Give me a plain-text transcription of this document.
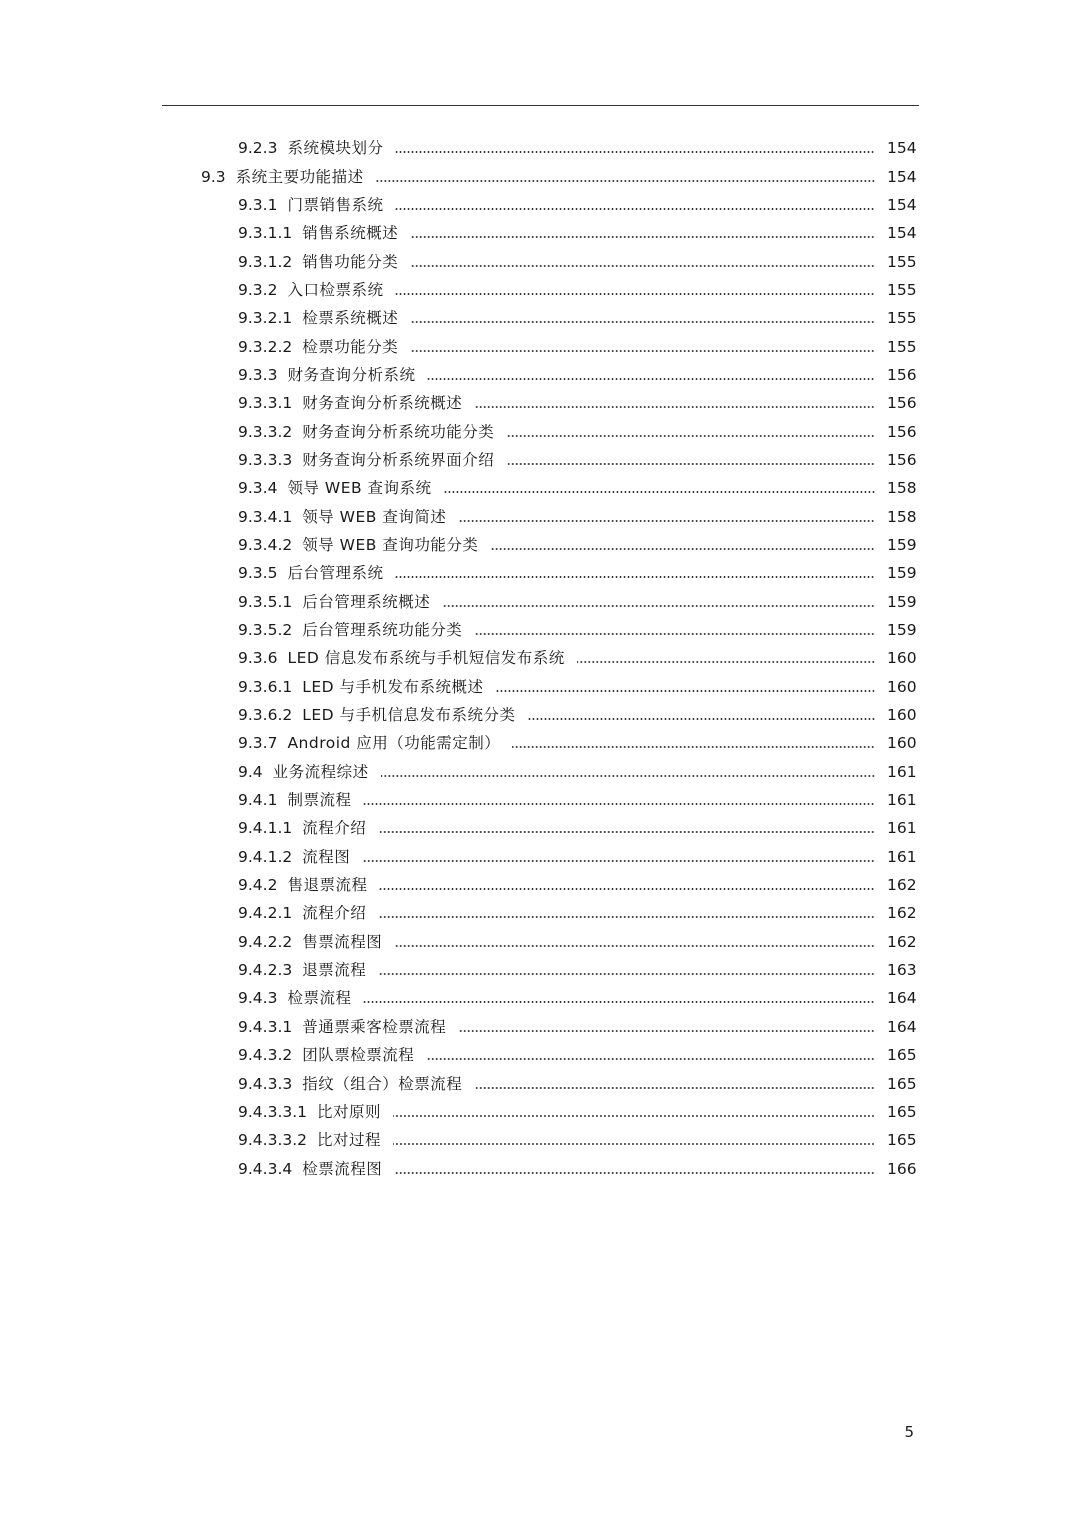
9.2.3 系统模块划分	154
9.3 系统主要功能描述	154
9.3.1 门票销售系统	154
9.3.1.1 销售系统概述	154
9.3.1.2 销售功能分类	155
9.3.2 入口检票系统	155
9.3.2.1 检票系统概述	155
9.3.2.2 检票功能分类	155
9.3.3 财务查询分析系统	156
9.3.3.1 财务查询分析系统概述	156
9.3.3.2 财务查询分析系统功能分类	156
9.3.3.3 财务查询分析系统界面介绍	156
9.3.4 领导 WEB 查询系统	158
9.3.4.1 领导 WEB 查询简述	158
9.3.4.2 领导 WEB 查询功能分类	159
9.3.5 后台管理系统	159
9.3.5.1 后台管理系统概述	159
9.3.5.2 后台管理系统功能分类	159
9.3.6 LED 信息发布系统与手机短信发布系统	160
9.3.6.1 LED 与手机发布系统概述	160
9.3.6.2 LED 与手机信息发布系统分类	160
9.3.7 Android 应用（功能需定制）	160
9.4 业务流程综述	161
9.4.1 制票流程	161
9.4.1.1 流程介绍	161
9.4.1.2 流程图	161
9.4.2 售退票流程	162
9.4.2.1 流程介绍	162
9.4.2.2 售票流程图	162
9.4.2.3 退票流程	163
9.4.3 检票流程	164
9.4.3.1 普通票乘客检票流程	164
9.4.3.2 团队票检票流程	165
9.4.3.3 指纹（组合）检票流程	165
9.4.3.3.1 比对原则	165
9.4.3.3.2 比对过程	165
9.4.3.4 检票流程图	166
5
